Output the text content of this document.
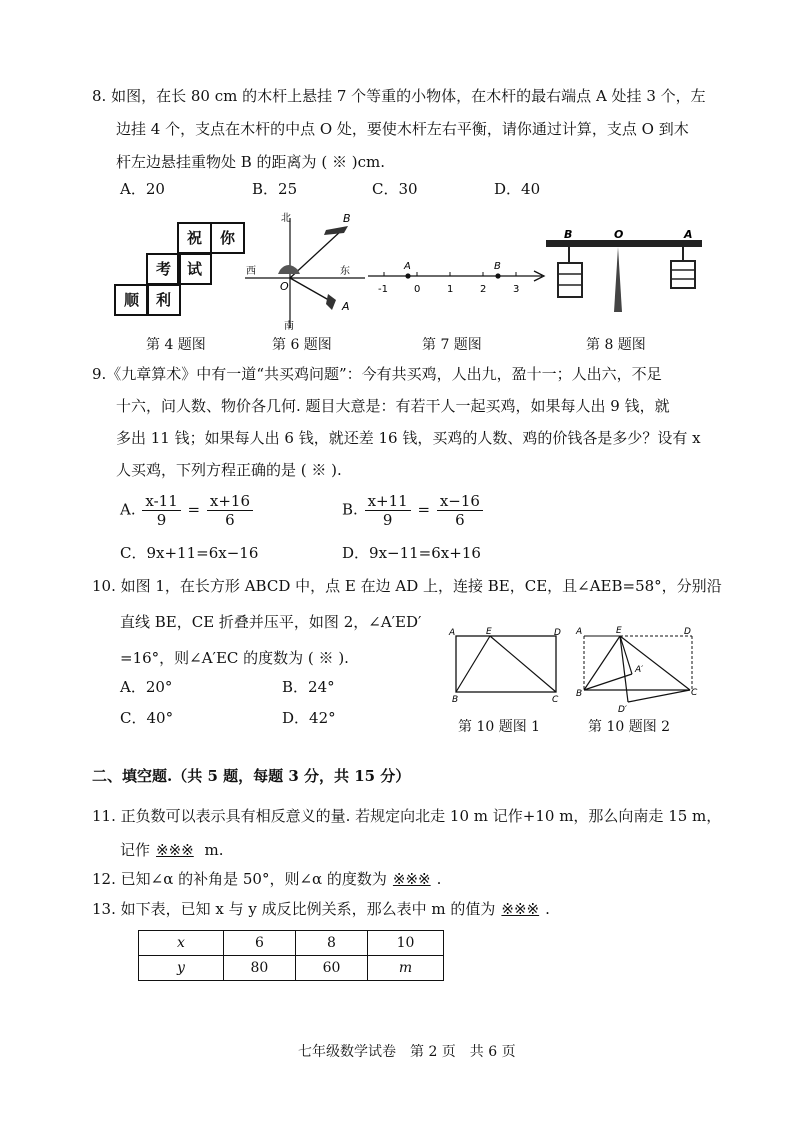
8. 如图，在长 80 cm 的木杆上悬挂 7 个等重的小物体，在木杆的最右端点 A 处挂 3 个，左
边挂 4 个，支点在木杆的中点 O 处，要使木杆左右平衡，请你通过计算，支点 O 到木
杆左边悬挂重物处 B 的距离为 ( ※ )cm.
A．20	B．25	C．30	D．40
祝	你
考	试
顺	利
第 4 题图
北
南
西	东
O
A
B
第 6 题图
A	B
-1	0	1	2	3
第 7 题图
B	O	A
第 8 题图
9.《九章算术》中有一道“共买鸡问题”：今有共买鸡，人出九，盈十一；人出六，不足
十六，问人数、物价各几何. 题目大意是：有若干人一起买鸡，如果每人出 9 钱，就
多出 11 钱；如果每人出 6 钱，就还差 16 钱，买鸡的人数、鸡的价钱各是多少？设有 x
人买鸡，下列方程正确的是 ( ※ ).
A. $\frac{x-11}{9} = \frac{x+16}{6}$	B. $\frac{x+11}{9} = \frac{x-16}{6}$
C．9x+11=6x−16	D．9x−11=6x+16
10. 如图 1，在长方形 ABCD 中，点 E 在边 AD 上，连接 BE，CE，且∠AEB=58°，分别沿
直线 BE，CE 折叠并压平，如图 2，∠A′ED′
=16°，则∠A′EC 的度数为 ( ※ ).
A．20°	B．24°
C．40°	D．42°
A	E	D
B	C
第 10 题图 1
A	E	D
B	C
A′
D′
第 10 题图 2
二、填空题.（共 5 题，每题 3 分，共 15 分）
11. 正负数可以表示具有相反意义的量. 若规定向北走 10 m 记作+10 m，那么向南走 15 m，
记作 ※※※ m.
12. 已知∠α 的补角是 50°，则∠α 的度数为 ※※※ .
13. 如下表，已知 x 与 y 成反比例关系，那么表中 m 的值为 ※※※ .
x	6	8	10
y	80	60	m
七年级数学试卷　第 2 页　共 6 页
